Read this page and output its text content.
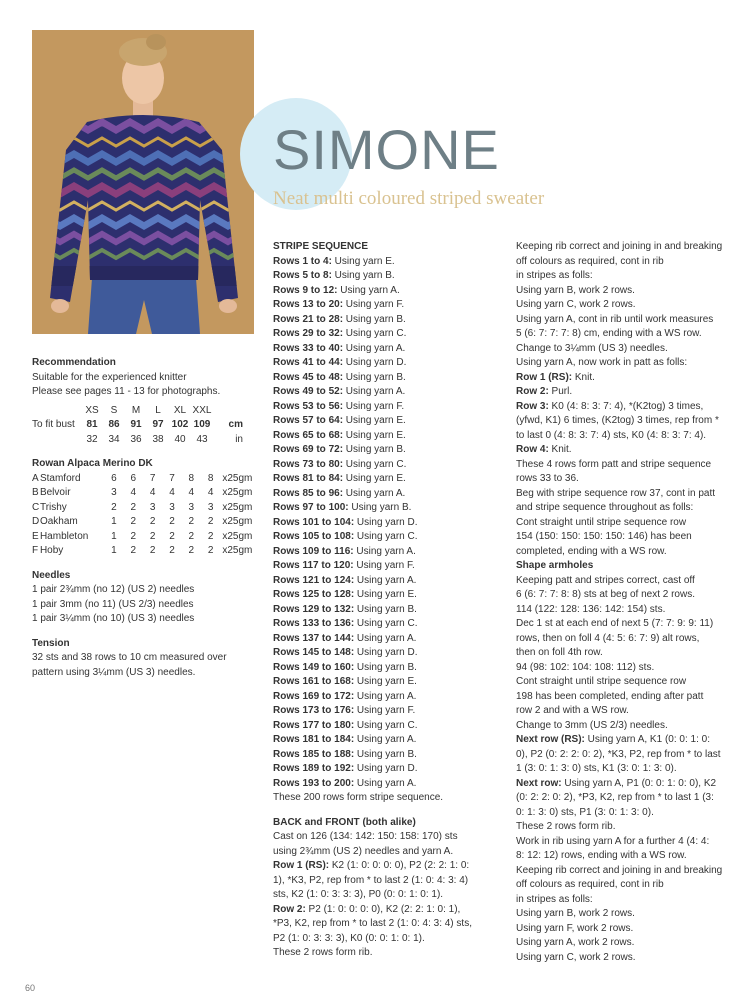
SIMONE
Neat multi coloured striped sweater
Recommendation
Suitable for the experienced knitter
Please see pages 11 - 13 for photographs.
	XS	S	M	L	XL	XXL	
To fit bust	81	86	91	97	102	109	cm
	32	34	36	38	40	43	in
Rowan Alpaca Merino DK
A	Stamford	6	6	7	7	8	8	x25gm
B	Belvoir	3	4	4	4	4	4	x25gm
C	Trishy	2	2	3	3	3	3	x25gm
D	Oakham	1	2	2	2	2	2	x25gm
E	Hambleton	1	2	2	2	2	2	x25gm
F	Hoby	1	2	2	2	2	2	x25gm
Needles
1 pair 2¾mm (no 12) (US 2) needles
1 pair 3mm (no 11) (US 2/3) needles
1 pair 3¼mm (no 10) (US 3) needles
Tension
32 sts and 38 rows to 10 cm measured over
pattern using 3¼mm (US 3) needles.
STRIPE SEQUENCE
Rows 1 to 4: Using yarn E.
Rows 5 to 8: Using yarn B.
Rows 9 to 12: Using yarn A.
Rows 13 to 20: Using yarn F.
Rows 21 to 28: Using yarn B.
Rows 29 to 32: Using yarn C.
Rows 33 to 40: Using yarn A.
Rows 41 to 44: Using yarn D.
Rows 45 to 48: Using yarn B.
Rows 49 to 52: Using yarn A.
Rows 53 to 56: Using yarn F.
Rows 57 to 64: Using yarn E.
Rows 65 to 68: Using yarn E.
Rows 69 to 72: Using yarn B.
Rows 73 to 80: Using yarn C.
Rows 81 to 84: Using yarn E.
Rows 85 to 96: Using yarn A.
Rows 97 to 100: Using yarn B.
Rows 101 to 104: Using yarn D.
Rows 105 to 108: Using yarn C.
Rows 109 to 116: Using yarn A.
Rows 117 to 120: Using yarn F.
Rows 121 to 124: Using yarn A.
Rows 125 to 128: Using yarn E.
Rows 129 to 132: Using yarn B.
Rows 133 to 136: Using yarn C.
Rows 137 to 144: Using yarn A.
Rows 145 to 148: Using yarn D.
Rows 149 to 160: Using yarn B.
Rows 161 to 168: Using yarn E.
Rows 169 to 172: Using yarn A.
Rows 173 to 176: Using yarn F.
Rows 177 to 180: Using yarn C.
Rows 181 to 184: Using yarn A.
Rows 185 to 188: Using yarn B.
Rows 189 to 192: Using yarn D.
Rows 193 to 200: Using yarn A.
These 200 rows form stripe sequence.
BACK and FRONT (both alike)
Cast on 126 (134: 142: 150: 158: 170) sts
using 2¾mm (US 2) needles and yarn A.
Row 1 (RS): K2 (1: 0: 0: 0: 0), P2 (2: 2: 1: 0:
1), *K3, P2, rep from * to last 2 (1: 0: 4: 3: 4)
sts, K2 (1: 0: 3: 3: 3), P0 (0: 0: 1: 0: 1).
Row 2: P2 (1: 0: 0: 0: 0), K2 (2: 2: 1: 0: 1),
*P3, K2, rep from * to last 2 (1: 0: 4: 3: 4) sts,
P2 (1: 0: 3: 3: 3), K0 (0: 0: 1: 0: 1).
These 2 rows form rib.
Keeping rib correct and joining in and breaking
off colours as required, cont in rib
in stripes as folls:
Using yarn B, work 2 rows.
Using yarn C, work 2 rows.
Using yarn A, cont in rib until work measures
5 (6: 7: 7: 7: 8) cm, ending with a WS row.
Change to 3¼mm (US 3) needles.
Using yarn A, now work in patt as folls:
Row 1 (RS): Knit.
Row 2: Purl.
Row 3: K0 (4: 8: 3: 7: 4), *(K2tog) 3 times,
(yfwd, K1) 6 times, (K2tog) 3 times, rep from *
to last 0 (4: 8: 3: 7: 4) sts, K0 (4: 8: 3: 7: 4).
Row 4: Knit.
These 4 rows form patt and stripe sequence
rows 33 to 36.
Beg with stripe sequence row 37, cont in patt
and stripe sequence throughout as folls:
Cont straight until stripe sequence row
154 (150: 150: 150: 150: 146) has been
completed, ending with a WS row.
Shape armholes
Keeping patt and stripes correct, cast off
6 (6: 7: 7: 8: 8) sts at beg of next 2 rows.
114 (122: 128: 136: 142: 154) sts.
Dec 1 st at each end of next 5 (7: 7: 9: 9: 11)
rows, then on foll 4 (4: 5: 6: 7: 9) alt rows,
then on foll 4th row.
94 (98: 102: 104: 108: 112) sts.
Cont straight until stripe sequence row
198 has been completed, ending after patt
row 2 and with a WS row.
Change to 3mm (US 2/3) needles.
Next row (RS): Using yarn A, K1 (0: 0: 1: 0:
0), P2 (0: 2: 2: 0: 2), *K3, P2, rep from * to last
1 (3: 0: 1: 3: 0) sts, K1 (3: 0: 1: 3: 0).
Next row: Using yarn A, P1 (0: 0: 1: 0: 0), K2
(0: 2: 2: 0: 2), *P3, K2, rep from * to last 1 (3:
0: 1: 3: 0) sts, P1 (3: 0: 1: 3: 0).
These 2 rows form rib.
Work in rib using yarn A for a further 4 (4: 4:
8: 12: 12) rows, ending with a WS row.
Keeping rib correct and joining in and breaking
off colours as required, cont in rib
in stripes as folls:
Using yarn B, work 2 rows.
Using yarn F, work 2 rows.
Using yarn A, work 2 rows.
Using yarn C, work 2 rows.
60
